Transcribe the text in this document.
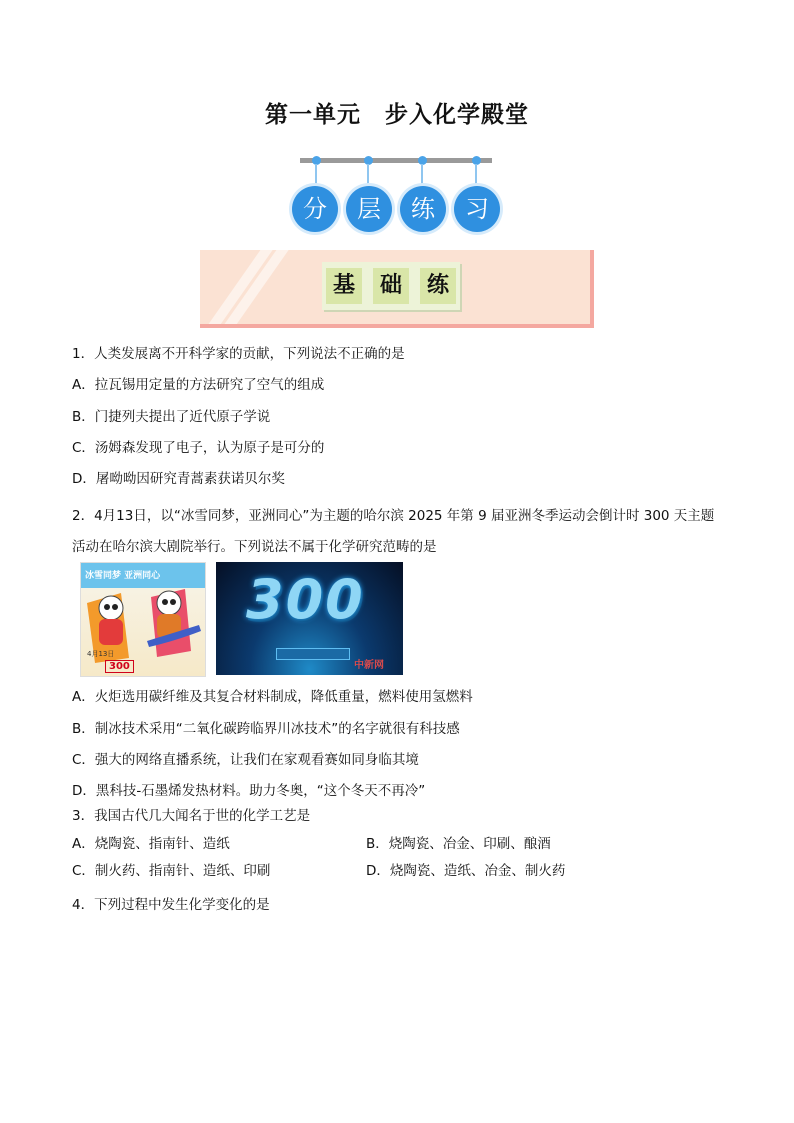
第一单元　步入化学殿堂
分	层	练	习
基	础	练
1．人类发展离不开科学家的贡献，下列说法不正确的是
A．拉瓦锡用定量的方法研究了空气的组成
B．门捷列夫提出了近代原子学说
C．汤姆森发现了电子，认为原子是可分的
D．屠呦呦因研究青蒿素获诺贝尔奖
2．4月13日，以“冰雪同梦，亚洲同心”为主题的哈尔滨 2025 年第 9 届亚洲冬季运动会倒计时 300 天主题活动在哈尔滨大剧院举行。下列说法不属于化学研究范畴的是
冰雪同梦 亚洲同心
4月13日
300
300
中新网
A．火炬选用碳纤维及其复合材料制成，降低重量，燃料使用氢燃料
B．制冰技术采用“二氧化碳跨临界川冰技术”的名字就很有科技感
C．强大的网络直播系统，让我们在家观看赛如同身临其境
D．黑科技-石墨烯发热材料。助力冬奥，“这个冬天不再冷”
3．我国古代几大闻名于世的化学工艺是
A．烧陶瓷、指南针、造纸	B．烧陶瓷、冶金、印刷、酿酒
C．制火药、指南针、造纸、印刷	D．烧陶瓷、造纸、冶金、制火药
4．下列过程中发生化学变化的是
